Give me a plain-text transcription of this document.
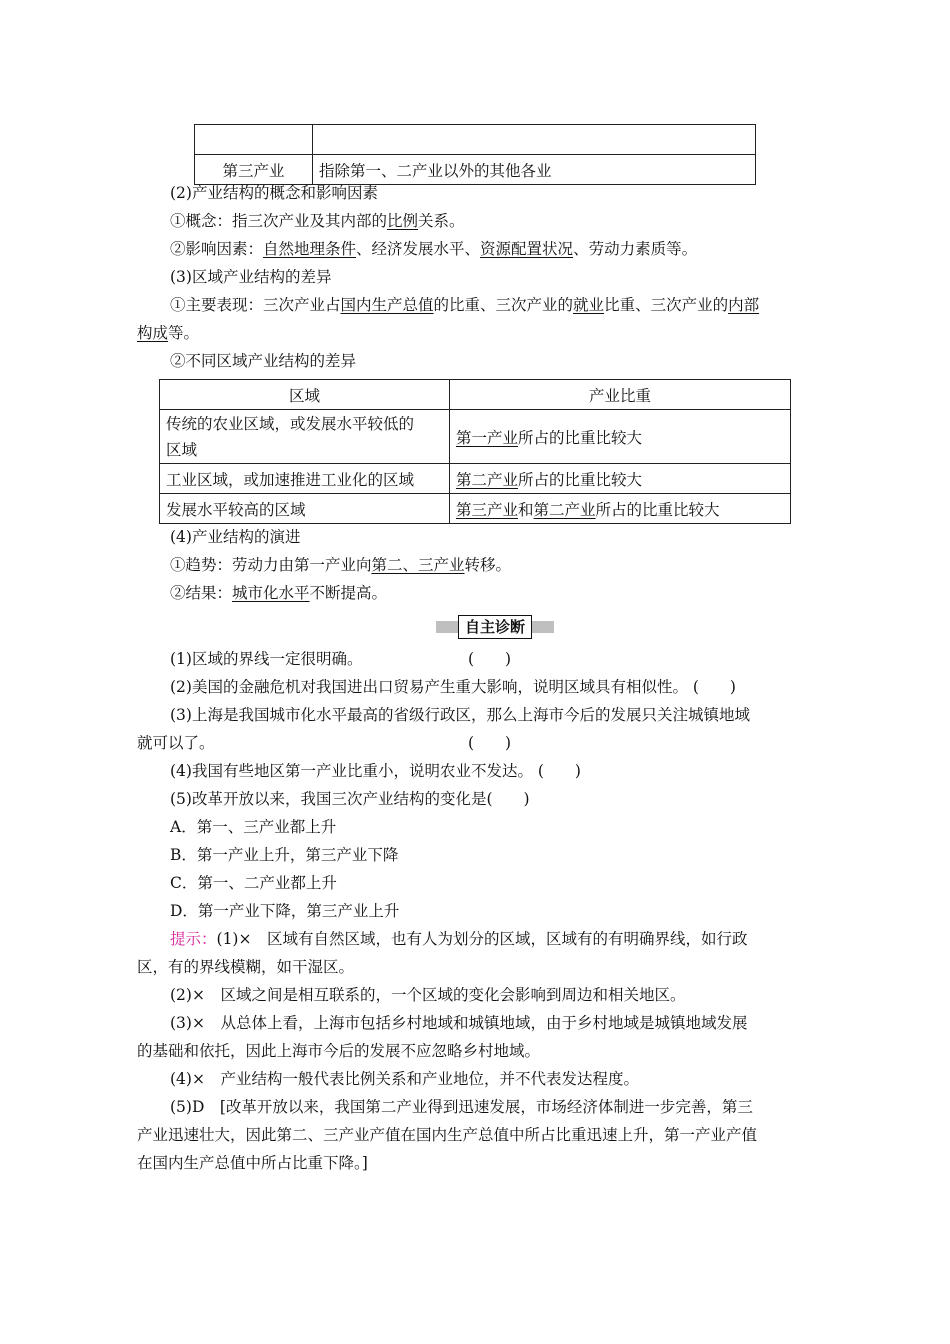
第三产业	指除第一、二产业以外的其他各业
(2)产业结构的概念和影响因素
①概念：指三次产业及其内部的比例关系。
②影响因素：自然地理条件、经济发展水平、资源配置状况、劳动力素质等。
(3)区域产业结构的差异
①主要表现：三次产业占国内生产总值的比重、三次产业的就业比重、三次产业的内部
构成等。
②不同区域产业结构的差异
区域	产业比重
传统的农业区域，或发展水平较低的
区域	第一产业所占的比重比较大
工业区域，或加速推进工业化的区域	第二产业所占的比重比较大
发展水平较高的区域	第三产业和第二产业所占的比重比较大
(4)产业结构的演进
①趋势：劳动力由第一产业向第二、三产业转移。
②结果：城市化水平不断提高。
自主诊断
(1)区域的界线一定很明确。	(　　)
(2)美国的金融危机对我国进出口贸易产生重大影响，说明区域具有相似性。 (　　)
(3)上海是我国城市化水平最高的省级行政区，那么上海市今后的发展只关注城镇地域
就可以了。	(　　)
(4)我国有些地区第一产业比重小，说明农业不发达。 (　　)
(5)改革开放以来，我国三次产业结构的变化是(　　)
A．第一、三产业都上升
B．第一产业上升，第三产业下降
C．第一、二产业都上升
D．第一产业下降，第三产业上升
提示：(1)×　区域有自然区域，也有人为划分的区域，区域有的有明确界线，如行政
区，有的界线模糊，如干湿区。
(2)×　区域之间是相互联系的，一个区域的变化会影响到周边和相关地区。
(3)×　从总体上看，上海市包括乡村地域和城镇地域，由于乡村地域是城镇地域发展
的基础和依托，因此上海市今后的发展不应忽略乡村地域。
(4)×　产业结构一般代表比例关系和产业地位，并不代表发达程度。
(5)D　[改革开放以来，我国第二产业得到迅速发展，市场经济体制进一步完善，第三
产业迅速壮大，因此第二、三产业产值在国内生产总值中所占比重迅速上升，第一产业产值
在国内生产总值中所占比重下降。]
